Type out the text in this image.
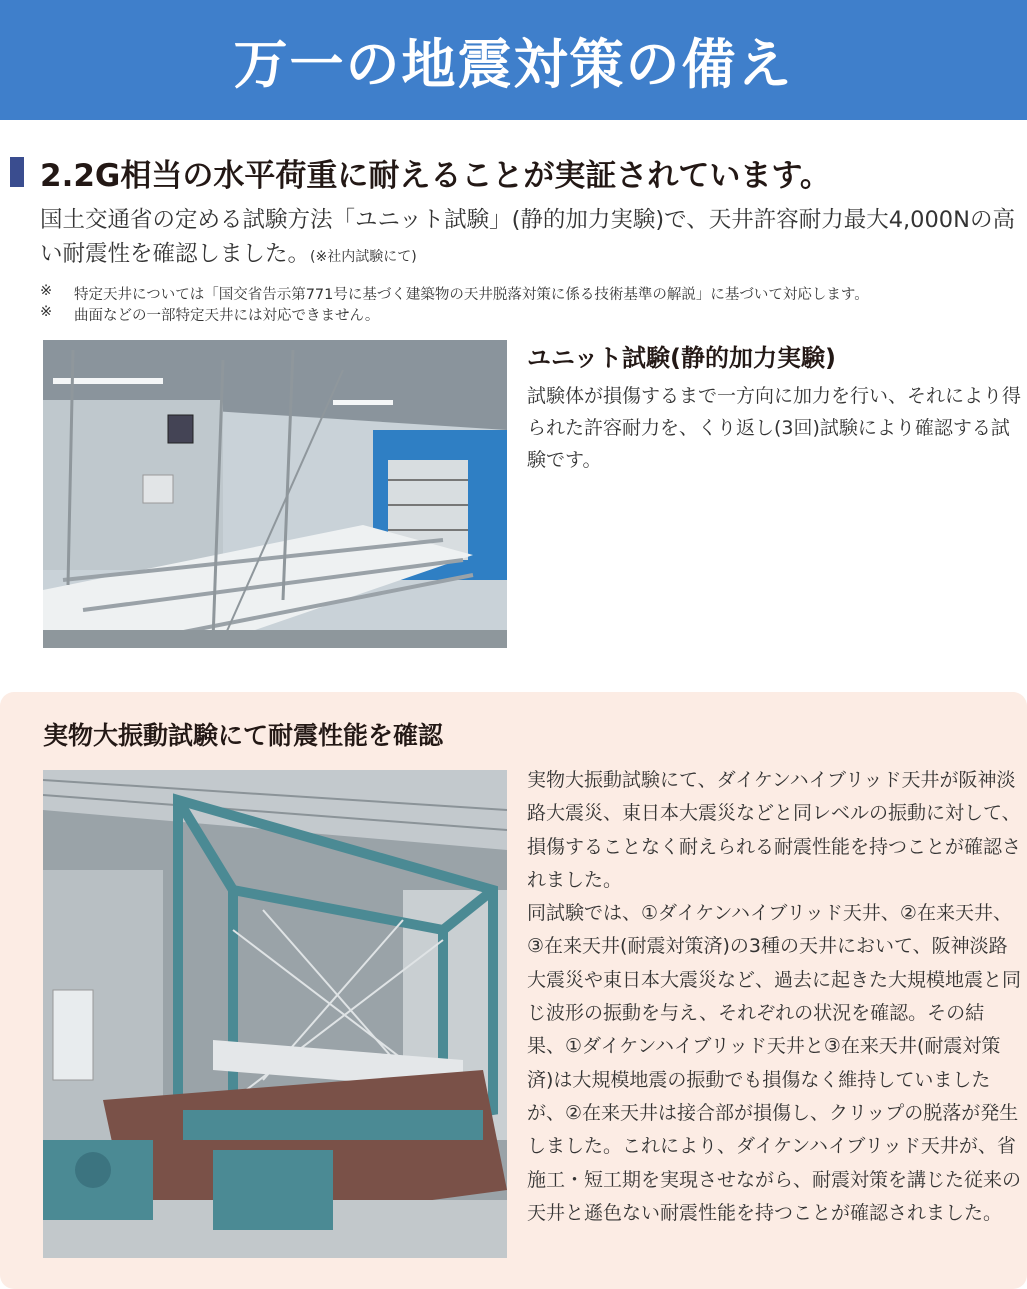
万一の地震対策の備え
2.2G相当の水平荷重に耐えることが実証されています。
国土交通省の定める試験方法「ユニット試験」(静的加力実験)で、天井許容耐力最大4,000Nの高い耐震性を確認しました。(※社内試験にて)
※	特定天井については「国交省告示第771号に基づく建築物の天井脱落対策に係る技術基準の解説」に基づいて対応します。
※	曲面などの一部特定天井には対応できません。
ユニット試験(静的加力実験)

試験体が損傷するまで一方向に加力を行い、それにより得られた許容耐力を、くり返し(3回)試験により確認する試験です。

実物大振動試験にて耐震性能を確認

実物大振動試験にて、ダイケンハイブリッド天井が阪神淡路大震災、東日本大震災などと同レベルの振動に対して、損傷することなく耐えられる耐震性能を持つことが確認されました。

同試験では、①ダイケンハイブリッド天井、②在来天井、③在来天井(耐震対策済)の3種の天井において、阪神淡路大震災や東日本大震災など、過去に起きた大規模地震と同じ波形の振動を与え、それぞれの状況を確認。その結果、①ダイケンハイブリッド天井と③在来天井(耐震対策済)は大規模地震の振動でも損傷なく維持していましたが、②在来天井は接合部が損傷し、クリップの脱落が発生しました。これにより、ダイケンハイブリッド天井が、省施工・短工期を実現させながら、耐震対策を講じた従来の天井と遜色ない耐震性能を持つことが確認されました。
